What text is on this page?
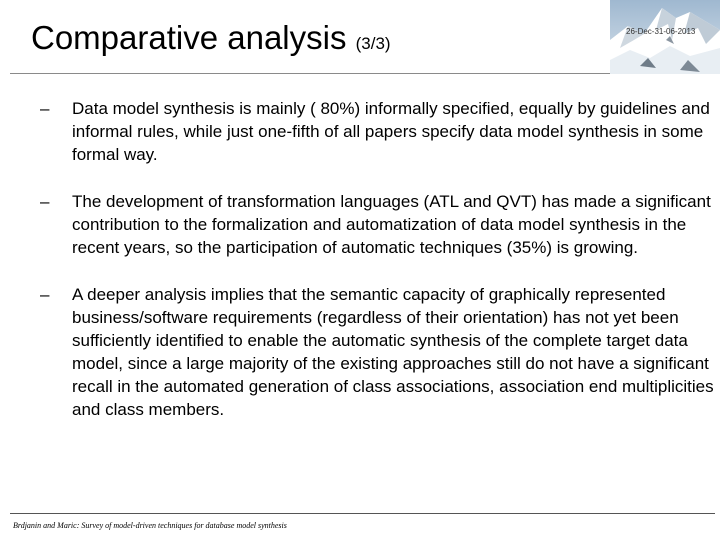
Comparative analysis (3/3)
26-Dec-31-06-2013
– Data model synthesis is mainly ( 80%) informally specified, equally by guidelines and informal rules, while just one-fifth of all papers specify data model synthesis in some formal way.
– The development of transformation languages (ATL and QVT) has made a significant contribution to the formalization and automatization of data model synthesis in the recent years, so the participation of automatic techniques (35%) is growing.
– A deeper analysis implies that the semantic capacity of graphically represented business/software requirements (regardless of their orientation) has not yet been sufficiently identified to enable the automatic synthesis of the complete target data model, since a large majority of the existing approaches still do not have a significant recall in the automated generation of class associations, association end multiplicities and class members.
Brdjanin and Maric: Survey of model-driven techniques for database model synthesis
